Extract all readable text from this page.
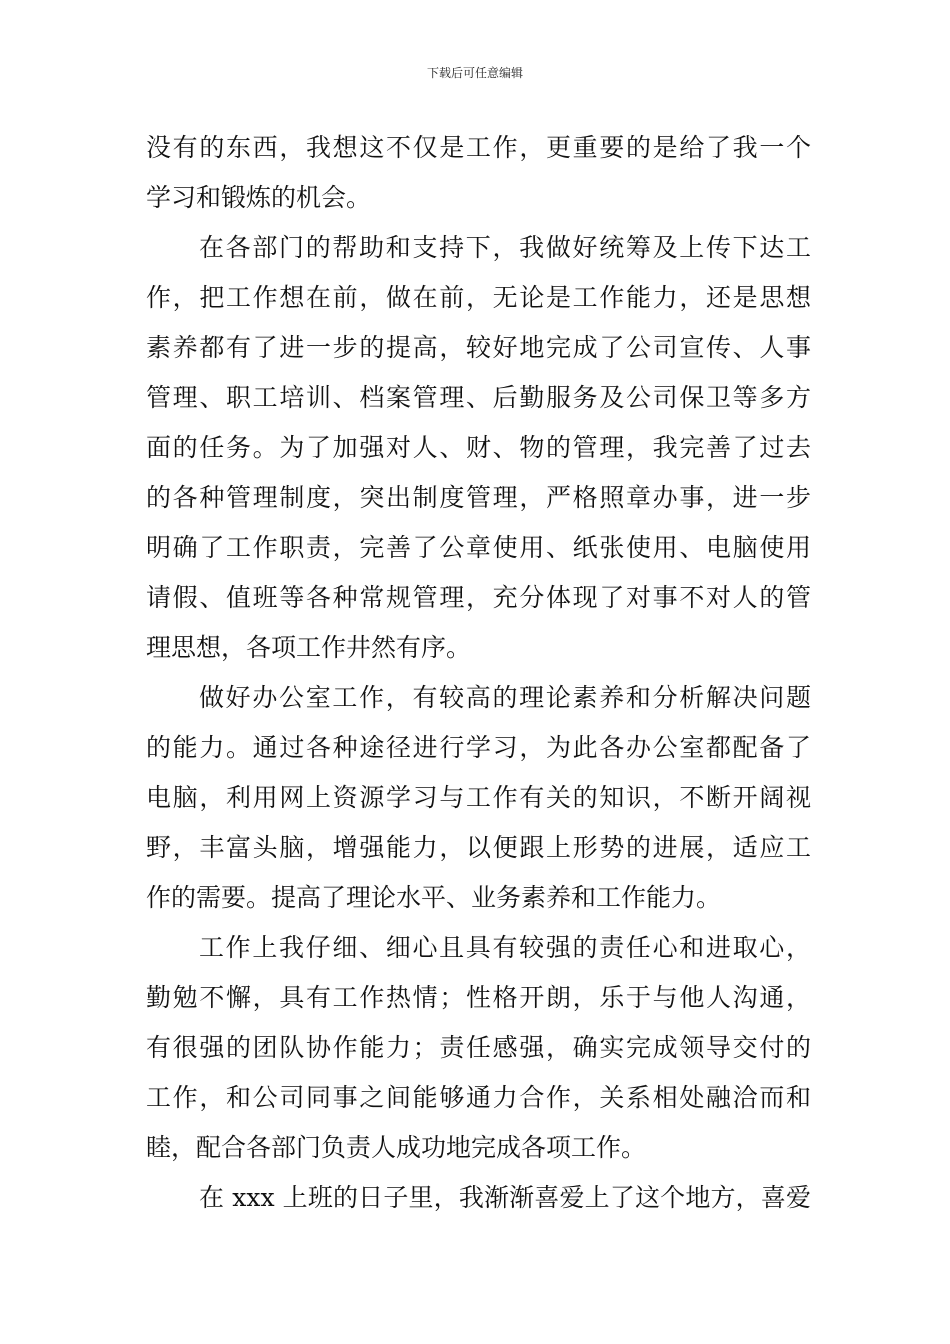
下载后可任意编辑
没有的东西，我想这不仅是工作，更重要的是给了我一个
学习和锻炼的机会。
在各部门的帮助和支持下，我做好统筹及上传下达工
作，把工作想在前，做在前，无论是工作能力，还是思想
素养都有了进一步的提高，较好地完成了公司宣传、人事
管理、职工培训、档案管理、后勤服务及公司保卫等多方
面的任务。为了加强对人、财、物的管理，我完善了过去
的各种管理制度，突出制度管理，严格照章办事，进一步
明确了工作职责，完善了公章使用、纸张使用、电脑使用
请假、值班等各种常规管理，充分体现了对事不对人的管
理思想，各项工作井然有序。
做好办公室工作，有较高的理论素养和分析解决问题
的能力。通过各种途径进行学习，为此各办公室都配备了
电脑，利用网上资源学习与工作有关的知识，不断开阔视
野，丰富头脑，增强能力，以便跟上形势的进展，适应工
作的需要。提高了理论水平、业务素养和工作能力。
工作上我仔细、细心且具有较强的责任心和进取心，
勤勉不懈，具有工作热情；性格开朗，乐于与他人沟通，
有很强的团队协作能力；责任感强，确实完成领导交付的
工作，和公司同事之间能够通力合作，关系相处融洽而和
睦，配合各部门负责人成功地完成各项工作。
在 xxx 上班的日子里，我渐渐喜爱上了这个地方，喜爱
